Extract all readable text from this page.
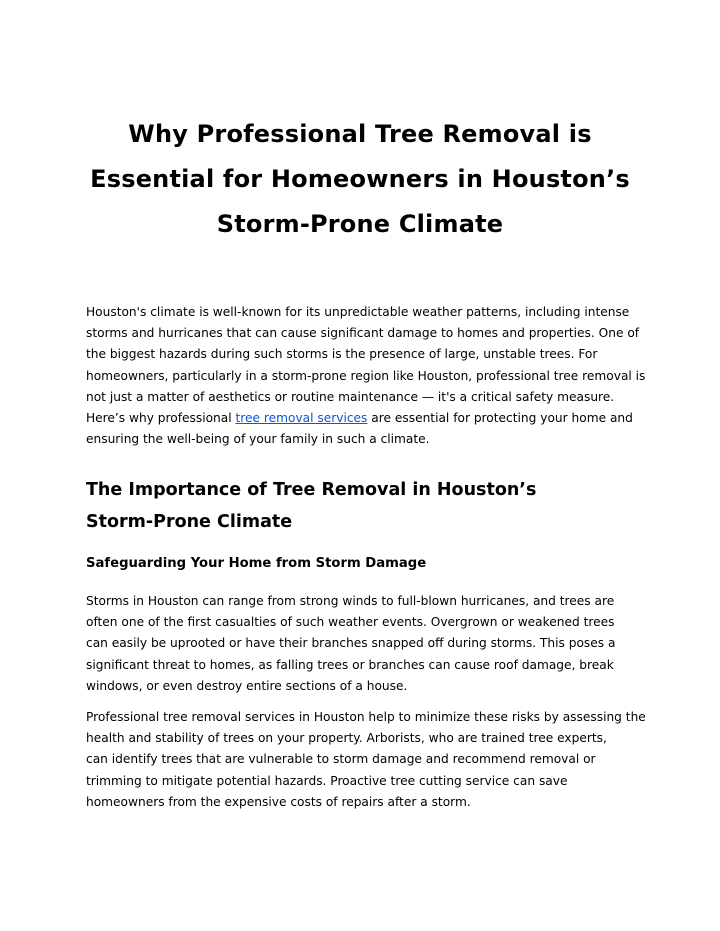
Why Professional Tree Removal is
Essential for Homeowners in Houston’s
Storm-Prone Climate

Houston's climate is well-known for its unpredictable weather patterns, including intense
storms and hurricanes that can cause significant damage to homes and properties. One of
the biggest hazards during such storms is the presence of large, unstable trees. For
homeowners, particularly in a storm-prone region like Houston, professional tree removal is
not just a matter of aesthetics or routine maintenance — it's a critical safety measure.
Here’s why professional tree removal services are essential for protecting your home and
ensuring the well-being of your family in such a climate.

The Importance of Tree Removal in Houston’s
Storm-Prone Climate
Safeguarding Your Home from Storm Damage

Storms in Houston can range from strong winds to full-blown hurricanes, and trees are
often one of the first casualties of such weather events. Overgrown or weakened trees
can easily be uprooted or have their branches snapped off during storms. This poses a
significant threat to homes, as falling trees or branches can cause roof damage, break
windows, or even destroy entire sections of a house.

Professional tree removal services in Houston help to minimize these risks by assessing the
health and stability of trees on your property. Arborists, who are trained tree experts,
can identify trees that are vulnerable to storm damage and recommend removal or
trimming to mitigate potential hazards. Proactive tree cutting service can save
homeowners from the expensive costs of repairs after a storm.
